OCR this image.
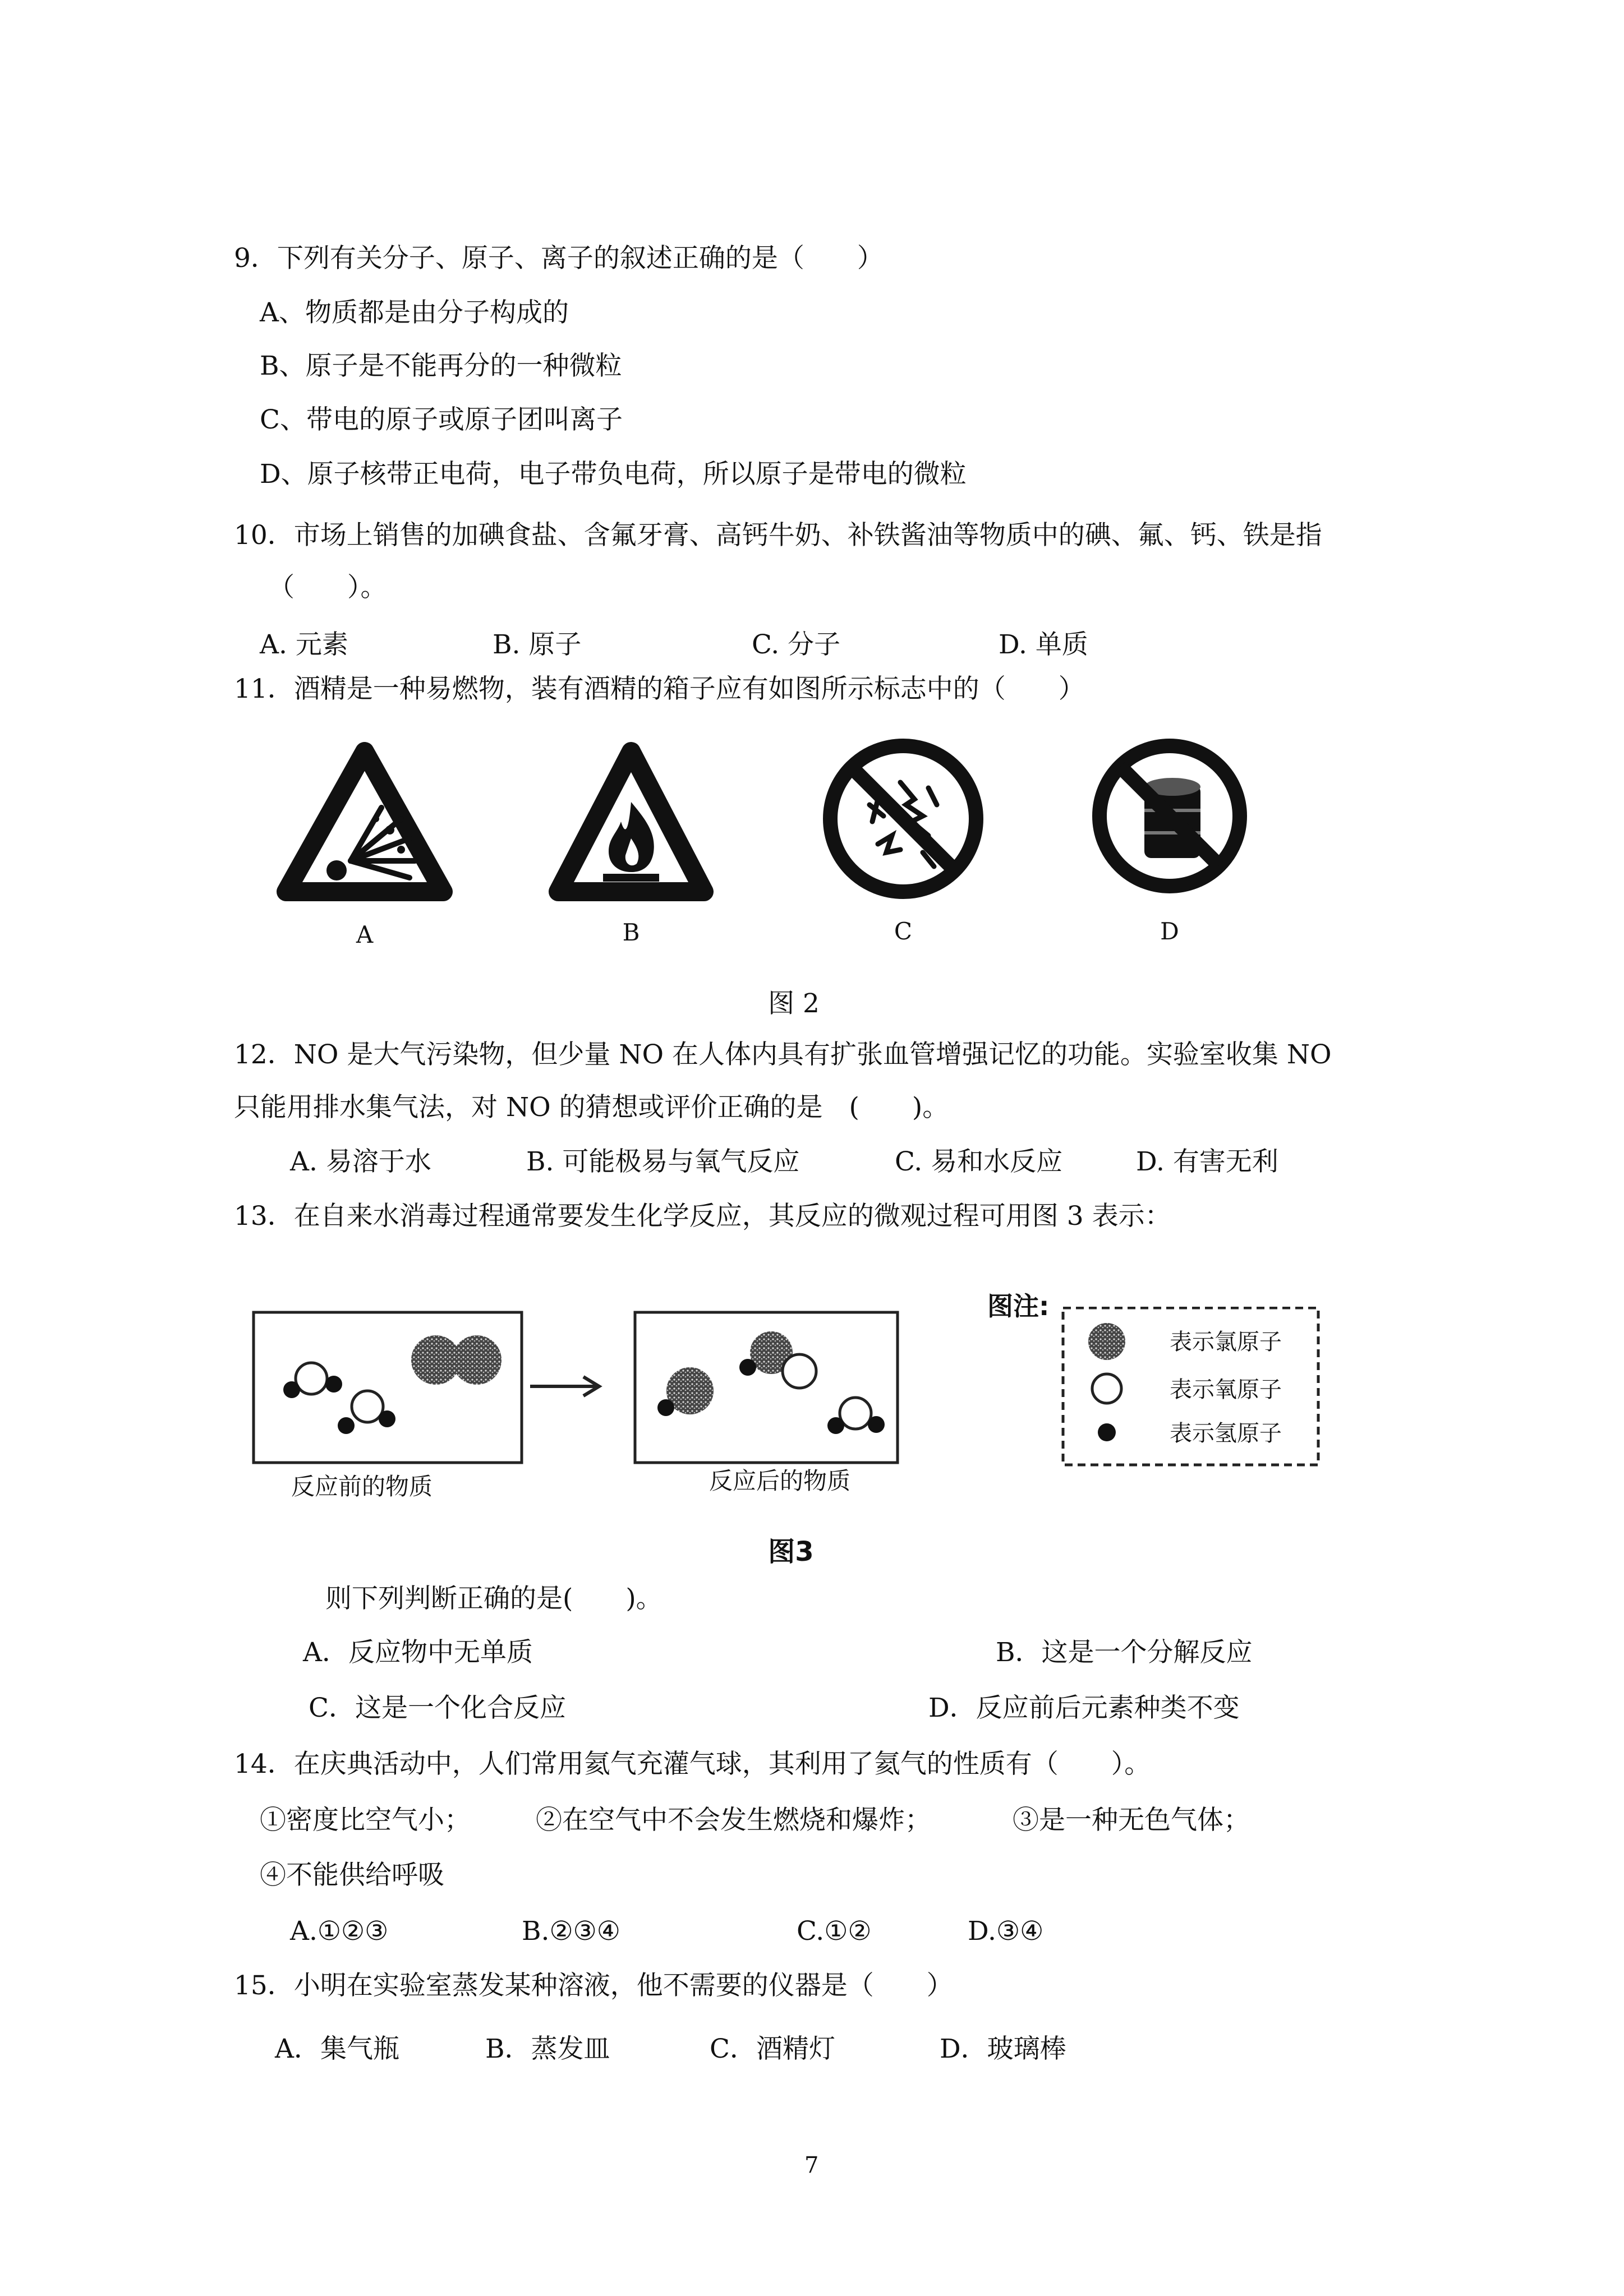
9．下列有关分子、原子、离子的叙述正确的是（　　）
A、物质都是由分子构成的
B、原子是不能再分的一种微粒
C、带电的原子或原子团叫离子
D、原子核带正电荷，电子带负电荷，所以原子是带电的微粒
10．市场上销售的加碘食盐、含氟牙膏、高钙牛奶、补铁酱油等物质中的碘、氟、钙、铁是指
（　　）。
A. 元素	B. 原子	C. 分子	D. 单质
11．酒精是一种易燃物，装有酒精的箱子应有如图所示标志中的（　　）
A	B	C	D
图 2
12．NO 是大气污染物，但少量 NO 在人体内具有扩张血管增强记忆的功能。实验室收集 NO
只能用排水集气法，对 NO 的猜想或评价正确的是　(　　)。
A. 易溶于水	B. 可能极易与氧气反应	C. 易和水反应	D. 有害无利
13．在自来水消毒过程通常要发生化学反应，其反应的微观过程可用图 3 表示：
反应前的物质	反应后的物质
图注:
表示氯原子
表示氧原子
表示氢原子
图3
则下列判断正确的是(　　)。
A．反应物中无单质	B．这是一个分解反应
C．这是一个化合反应	D．反应前后元素种类不变
14．在庆典活动中，人们常用氦气充灌气球，其利用了氦气的性质有（　　）。
①密度比空气小； ②在空气中不会发生燃烧和爆炸；	③是一种无色气体；
④不能供给呼吸
A.①②③	B.②③④	C.①②	D.③④
15．小明在实验室蒸发某种溶液，他不需要的仪器是（　　）
A．集气瓶	B．蒸发皿	C．酒精灯	D．玻璃棒
7
